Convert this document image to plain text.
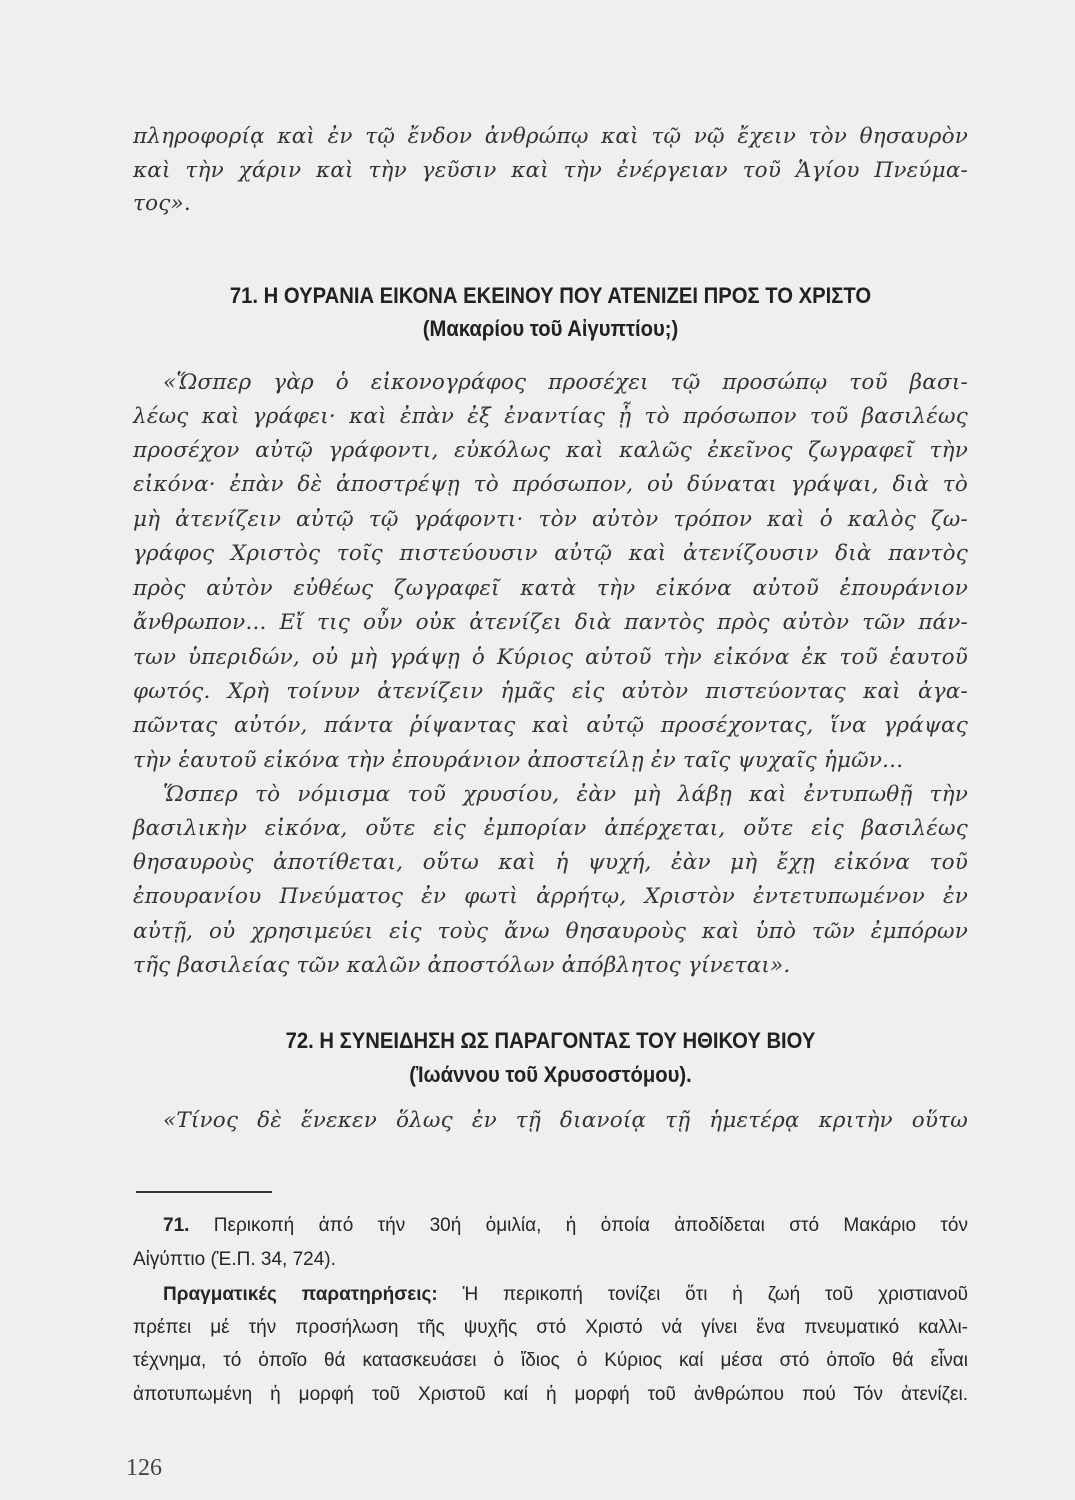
πληροφορίᾳ καὶ ἐν τῷ ἔνδον ἀνθρώπῳ καὶ τῷ νῷ ἔχειν τὸν θησαυρὸν
καὶ τὴν χάριν καὶ τὴν γεῦσιν καὶ τὴν ἐνέργειαν τοῦ Ἁγίου Πνεύμα-
τος».
71. Η ΟΥΡΑΝΙΑ ΕΙΚΟΝΑ ΕΚΕΙΝΟΥ ΠΟΥ ΑΤΕΝΙΖΕΙ ΠΡΟΣ ΤΟ ΧΡΙΣΤΟ
(Μακαρίου τοῦ Αἰγυπτίου;)
«Ὥσπερ γὰρ ὁ εἰκονογράφος προσέχει τῷ προσώπῳ τοῦ βασι-
λέως καὶ γράφει· καὶ ἐπὰν ἐξ ἐναντίας ᾖ τὸ πρόσωπον τοῦ βασιλέως
προσέχον αὐτῷ γράφοντι, εὐκόλως καὶ καλῶς ἐκεῖνος ζωγραφεῖ τὴν
εἰκόνα· ἐπὰν δὲ ἀποστρέψῃ τὸ πρόσωπον, οὐ δύναται γράψαι, διὰ τὸ
μὴ ἀτενίζειν αὐτῷ τῷ γράφοντι· τὸν αὐτὸν τρόπον καὶ ὁ καλὸς ζω-
γράφος Χριστὸς τοῖς πιστεύουσιν αὐτῷ καὶ ἀτενίζουσιν διὰ παντὸς
πρὸς αὐτὸν εὐθέως ζωγραφεῖ κατὰ τὴν εἰκόνα αὐτοῦ ἐπουράνιον
ἄνθρωπον... Εἴ τις οὖν οὐκ ἀτενίζει διὰ παντὸς πρὸς αὐτὸν τῶν πάν-
των ὑπεριδών, οὐ μὴ γράψῃ ὁ Κύριος αὐτοῦ τὴν εἰκόνα ἐκ τοῦ ἑαυτοῦ
φωτός. Χρὴ τοίνυν ἀτενίζειν ἡμᾶς εἰς αὐτὸν πιστεύοντας καὶ ἀγα-
πῶντας αὐτόν, πάντα ῥίψαντας καὶ αὐτῷ προσέχοντας, ἵνα γράψας
τὴν ἑαυτοῦ εἰκόνα τὴν ἐπουράνιον ἀποστείλῃ ἐν ταῖς ψυχαῖς ἡμῶν...
Ὥσπερ τὸ νόμισμα τοῦ χρυσίου, ἐὰν μὴ λάβῃ καὶ ἐντυπωθῇ τὴν
βασιλικὴν εἰκόνα, οὔτε εἰς ἐμπορίαν ἀπέρχεται, οὔτε εἰς βασιλέως
θησαυροὺς ἀποτίθεται, οὕτω καὶ ἡ ψυχή, ἐὰν μὴ ἔχῃ εἰκόνα τοῦ
ἐπουρανίου Πνεύματος ἐν φωτὶ ἀρρήτῳ, Χριστὸν ἐντετυπωμένον ἐν
αὐτῇ, οὐ χρησιμεύει εἰς τοὺς ἄνω θησαυροὺς καὶ ὑπὸ τῶν ἐμπόρων
τῆς βασιλείας τῶν καλῶν ἀποστόλων ἀπόβλητος γίνεται».
72. Η ΣΥΝΕΙΔΗΣΗ ΩΣ ΠΑΡΑΓΟΝΤΑΣ ΤΟΥ ΗΘΙΚΟΥ ΒΙΟΥ
(Ἰωάννου τοῦ Χρυσοστόμου).
«Τίνος δὲ ἕνεκεν ὅλως ἐν τῇ διανοίᾳ τῇ ἡμετέρᾳ κριτὴν οὕτω
71. Περικοπή ἀπό τήν 30ή ὁμιλία, ἡ ὁποία ἀποδίδεται στό Μακάριο τόν
Αἰγύπτιο (Ἑ.Π. 34, 724).
Πραγματικές παρατηρήσεις: Ἡ περικοπή τονίζει ὅτι ἡ ζωή τοῦ χριστιανοῦ
πρέπει μέ τήν προσήλωση τῆς ψυχῆς στό Χριστό νά γίνει ἕνα πνευματικό καλλι-
τέχνημα, τό ὁποῖο θά κατασκευάσει ὁ ἴδιος ὁ Κύριος καί μέσα στό ὁποῖο θά εἶναι
ἀποτυπωμένη ἡ μορφή τοῦ Χριστοῦ καί ἡ μορφή τοῦ ἀνθρώπου πού Τόν ἀτενίζει.
126
